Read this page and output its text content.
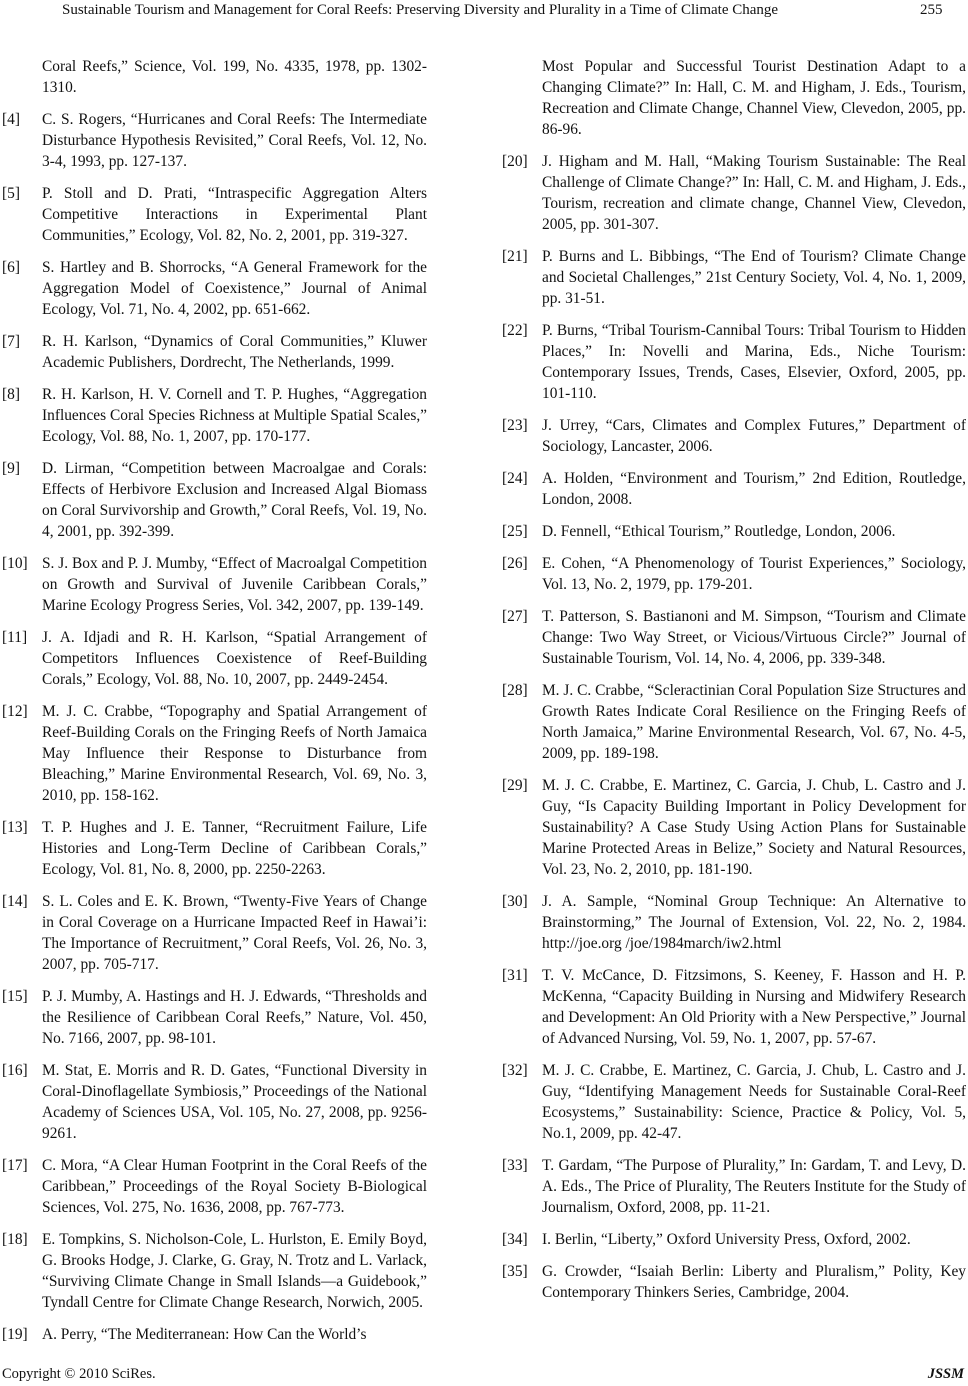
Sustainable Tourism and Management for Coral Reefs: Preserving Diversity and Plurality in a Time of Climate Change	255
Coral Reefs,” Science, Vol. 199, No. 4335, 1978, pp. 1302-1310.
[4] C. S. Rogers, “Hurricanes and Coral Reefs: The Intermediate Disturbance Hypothesis Revisited,” Coral Reefs, Vol. 12, No. 3-4, 1993, pp. 127-137.
[5] P. Stoll and D. Prati, “Intraspecific Aggregation Alters Competitive Interactions in Experimental Plant Communities,” Ecology, Vol. 82, No. 2, 2001, pp. 319-327.
[6] S. Hartley and B. Shorrocks, “A General Framework for the Aggregation Model of Coexistence,” Journal of Animal Ecology, Vol. 71, No. 4, 2002, pp. 651-662.
[7] R. H. Karlson, “Dynamics of Coral Communities,” Kluwer Academic Publishers, Dordrecht, The Netherlands, 1999.
[8] R. H. Karlson, H. V. Cornell and T. P. Hughes, “Aggregation Influences Coral Species Richness at Multiple Spatial Scales,” Ecology, Vol. 88, No. 1, 2007, pp. 170-177.
[9] D. Lirman, “Competition between Macroalgae and Corals: Effects of Herbivore Exclusion and Increased Algal Biomass on Coral Survivorship and Growth,” Coral Reefs, Vol. 19, No. 4, 2001, pp. 392-399.
[10] S. J. Box and P. J. Mumby, “Effect of Macroalgal Competition on Growth and Survival of Juvenile Caribbean Corals,” Marine Ecology Progress Series, Vol. 342, 2007, pp. 139-149.
[11] J. A. Idjadi and R. H. Karlson, “Spatial Arrangement of Competitors Influences Coexistence of Reef-Building Corals,” Ecology, Vol. 88, No. 10, 2007, pp. 2449-2454.
[12] M. J. C. Crabbe, “Topography and Spatial Arrangement of Reef-Building Corals on the Fringing Reefs of North Jamaica May Influence their Response to Disturbance from Bleaching,” Marine Environmental Research, Vol. 69, No. 3, 2010, pp. 158-162.
[13] T. P. Hughes and J. E. Tanner, “Recruitment Failure, Life Histories and Long-Term Decline of Caribbean Corals,” Ecology, Vol. 81, No. 8, 2000, pp. 2250-2263.
[14] S. L. Coles and E. K. Brown, “Twenty-Five Years of Change in Coral Coverage on a Hurricane Impacted Reef in Hawai’i: The Importance of Recruitment,” Coral Reefs, Vol. 26, No. 3, 2007, pp. 705-717.
[15] P. J. Mumby, A. Hastings and H. J. Edwards, “Thresholds and the Resilience of Caribbean Coral Reefs,” Nature, Vol. 450, No. 7166, 2007, pp. 98-101.
[16] M. Stat, E. Morris and R. D. Gates, “Functional Diversity in Coral-Dinoflagellate Symbiosis,” Proceedings of the National Academy of Sciences USA, Vol. 105, No. 27, 2008, pp. 9256-9261.
[17] C. Mora, “A Clear Human Footprint in the Coral Reefs of the Caribbean,” Proceedings of the Royal Society B-Biological Sciences, Vol. 275, No. 1636, 2008, pp. 767-773.
[18] E. Tompkins, S. Nicholson-Cole, L. Hurlston, E. Emily Boyd, G. Brooks Hodge, J. Clarke, G. Gray, N. Trotz and L. Varlack, “Surviving Climate Change in Small Islands―a Guidebook,” Tyndall Centre for Climate Change Research, Norwich, 2005.
[19] A. Perry, “The Mediterranean: How Can the World’s
Most Popular and Successful Tourist Destination Adapt to a Changing Climate?” In: Hall, C. M. and Higham, J. Eds., Tourism, Recreation and Climate Change, Channel View, Clevedon, 2005, pp. 86-96.
[20] J. Higham and M. Hall, “Making Tourism Sustainable: The Real Challenge of Climate Change?” In: Hall, C. M. and Higham, J. Eds., Tourism, recreation and climate change, Channel View, Clevedon, 2005, pp. 301-307.
[21] P. Burns and L. Bibbings, “The End of Tourism? Climate Change and Societal Challenges,” 21st Century Society, Vol. 4, No. 1, 2009, pp. 31-51.
[22] P. Burns, “Tribal Tourism-Cannibal Tours: Tribal Tourism to Hidden Places,” In: Novelli and Marina, Eds., Niche Tourism: Contemporary Issues, Trends, Cases, Elsevier, Oxford, 2005, pp. 101-110.
[23] J. Urrey, “Cars, Climates and Complex Futures,” Department of Sociology, Lancaster, 2006.
[24] A. Holden, “Environment and Tourism,” 2nd Edition, Routledge, London, 2008.
[25] D. Fennell, “Ethical Tourism,” Routledge, London, 2006.
[26] E. Cohen, “A Phenomenology of Tourist Experiences,” Sociology, Vol. 13, No. 2, 1979, pp. 179-201.
[27] T. Patterson, S. Bastianoni and M. Simpson, “Tourism and Climate Change: Two Way Street, or Vicious/Virtuous Circle?” Journal of Sustainable Tourism, Vol. 14, No. 4, 2006, pp. 339-348.
[28] M. J. C. Crabbe, “Scleractinian Coral Population Size Structures and Growth Rates Indicate Coral Resilience on the Fringing Reefs of North Jamaica,” Marine Environmental Research, Vol. 67, No. 4-5, 2009, pp. 189-198.
[29] M. J. C. Crabbe, E. Martinez, C. Garcia, J. Chub, L. Castro and J. Guy, “Is Capacity Building Important in Policy Development for Sustainability? A Case Study Using Action Plans for Sustainable Marine Protected Areas in Belize,” Society and Natural Resources, Vol. 23, No. 2, 2010, pp. 181-190.
[30] J. A. Sample, “Nominal Group Technique: An Alternative to Brainstorming,” The Journal of Extension, Vol. 22, No. 2, 1984. http://joe.org /joe/1984march/iw2.html
[31] T. V. McCance, D. Fitzsimons, S. Keeney, F. Hasson and H. P. McKenna, “Capacity Building in Nursing and Midwifery Research and Development: An Old Priority with a New Perspective,” Journal of Advanced Nursing, Vol. 59, No. 1, 2007, pp. 57-67.
[32] M. J. C. Crabbe, E. Martinez, C. Garcia, J. Chub, L. Castro and J. Guy, “Identifying Management Needs for Sustainable Coral-Reef Ecosystems,” Sustainability: Science, Practice & Policy, Vol. 5, No.1, 2009, pp. 42-47.
[33] T. Gardam, “The Purpose of Plurality,” In: Gardam, T. and Levy, D. A. Eds., The Price of Plurality, The Reuters Institute for the Study of Journalism, Oxford, 2008, pp. 11-21.
[34] I. Berlin, “Liberty,” Oxford University Press, Oxford, 2002.
[35] G. Crowder, “Isaiah Berlin: Liberty and Pluralism,” Polity, Key Contemporary Thinkers Series, Cambridge, 2004.
Copyright © 2010 SciRes.	JSSM
